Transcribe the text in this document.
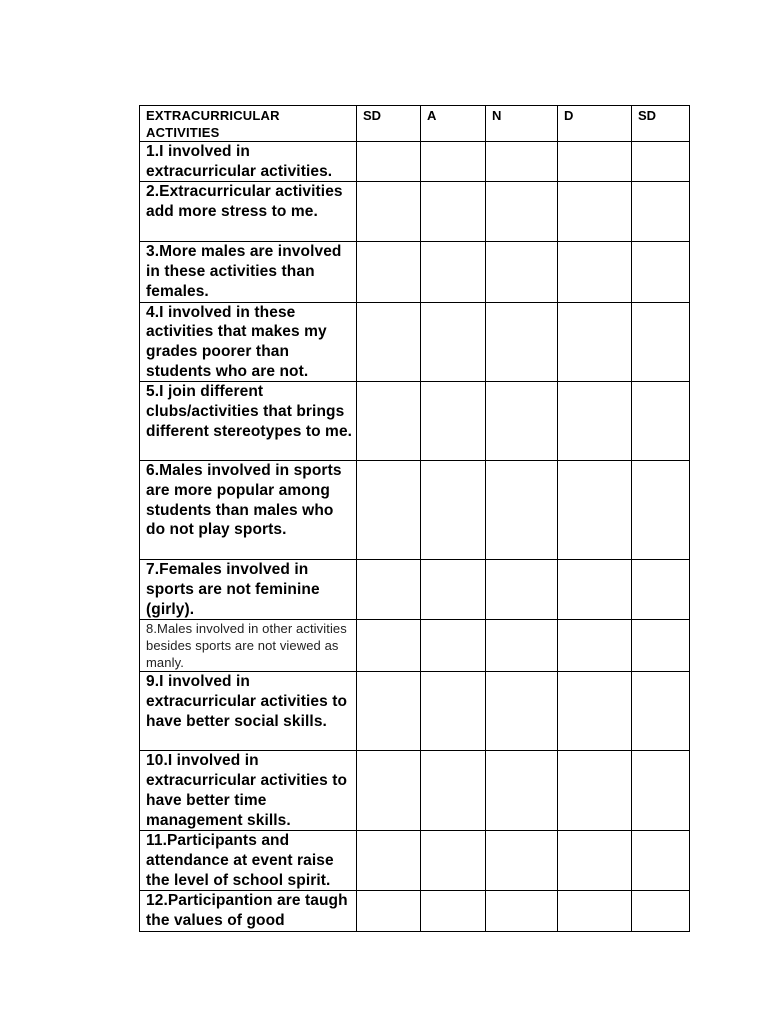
EXTRACURRICULAR ACTIVITIES	SD	A	N	D	SD
1.I involved in extracurricular activities.					
2.Extracurricular activities add more stress to me.					
3.More males are involved in these activities than females.					
4.I involved in these activities that makes my grades poorer than students who are not.					
5.I join different clubs/activities that brings different stereotypes to me.					
6.Males involved in sports are more popular among students than males who do not play sports.					
7.Females involved in sports are not feminine (girly).					
8.Males involved in other activities besides sports are not viewed as manly.					
9.I involved in extracurricular activities to have better social skills.					
10.I involved in extracurricular activities to have better time management skills.					
11.Participants and attendance at event raise the level of school spirit.					
12.Participantion are taugh the values of good					
